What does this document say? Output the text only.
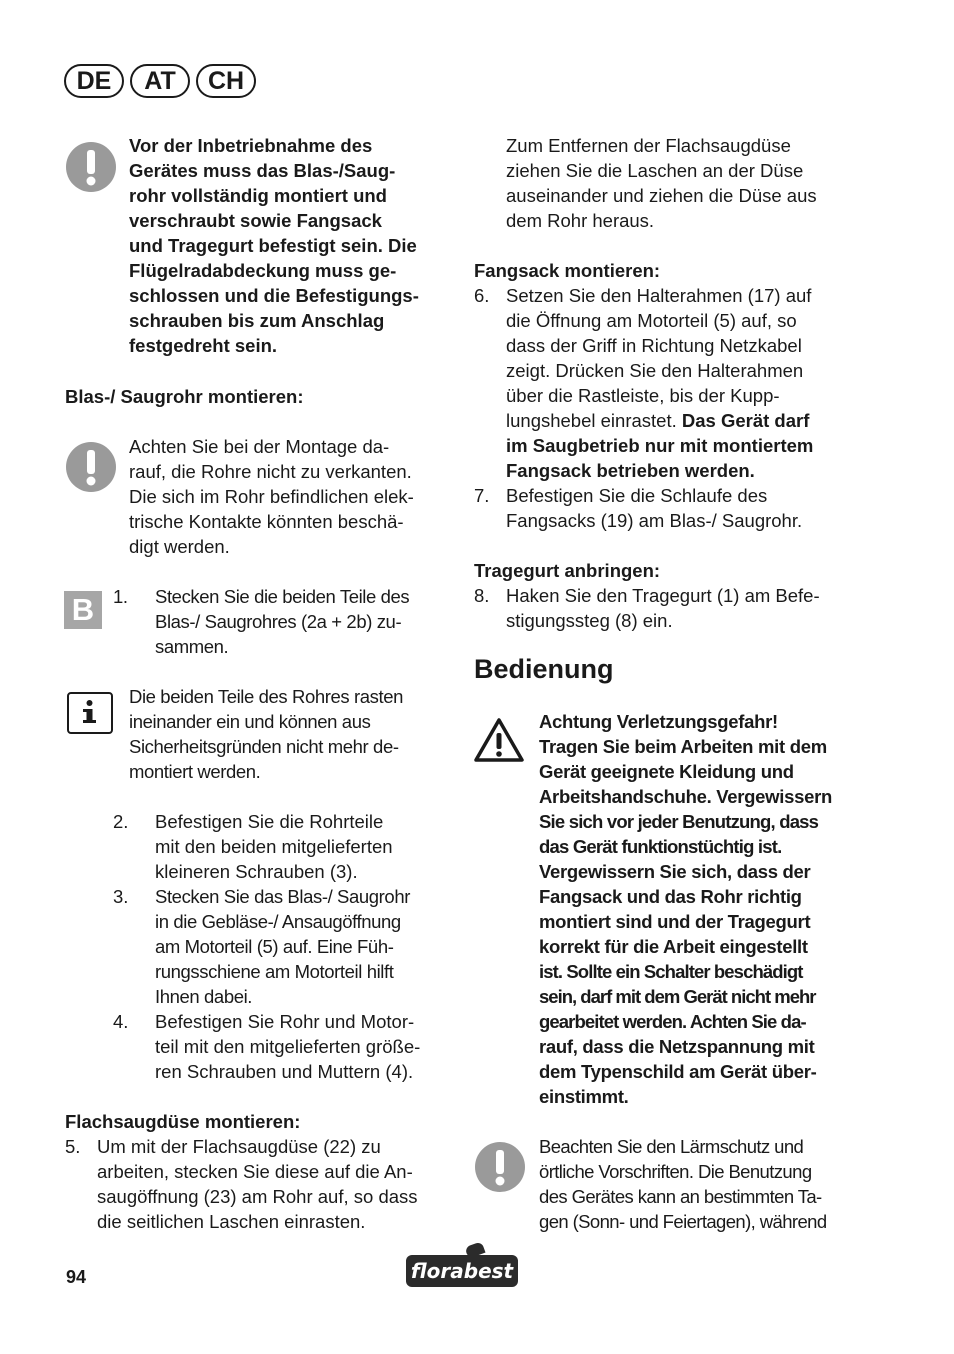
DE	AT	CH

Vor der Inbetriebnahme des

Gerätes muss das Blas-/Saug-

rohr vollständig montiert und

verschraubt sowie Fangsack

und Tragegurt befestigt sein. Die

Flügelradabdeckung muss ge-

schlossen und die Befestigungs-

schrauben bis zum Anschlag

festgedreht sein.

Blas-/ Saugrohr montieren:

Achten Sie bei der Montage da-

rauf, die Rohre nicht zu verkanten.

Die sich im Rohr befindlichen elek-

trische Kontakte könnten beschä-

digt werden.

B	1. Stecken Sie die beiden Teile des

Blas-/ Saugrohres (2a + 2b) zu-

sammen.

Die beiden Teile des Rohres rasten

ineinander ein und können aus

Sicherheitsgründen nicht mehr de-

montiert werden.

2. Befestigen Sie die Rohrteile

mit den beiden mitgelieferten

kleineren Schrauben (3).

3. Stecken Sie das Blas-/ Saugrohr

in die Gebläse-/ Ansaugöffnung

am Motorteil (5) auf. Eine Füh-

rungsschiene am Motorteil hilft

Ihnen dabei.

4. Befestigen Sie Rohr und Motor-

teil mit den mitgelieferten größe-

ren Schrauben und Muttern (4).

Flachsaugdüse montieren:
5. Um mit der Flachsaugdüse (22) zu

arbeiten, stecken Sie diese auf die An-

saugöffnung (23) am Rohr auf, so dass

die seitlichen Laschen einrasten.

Zum Entfernen der Flachsaugdüse

ziehen Sie die Laschen an der Düse

auseinander und ziehen die Düse aus

dem Rohr heraus.

Fangsack montieren:
6. Setzen Sie den Halterahmen (17) auf

die Öffnung am Motorteil (5) auf, so

dass der Griff in Richtung Netzkabel

zeigt. Drücken Sie den Halterahmen

über die Rastleiste, bis der Kupp-

lungshebel einrastet. Das Gerät darf

im Saugbetrieb nur mit montiertem

Fangsack betrieben werden.

7. Befestigen Sie die Schlaufe des

Fangsacks (19) am Blas-/ Saugrohr.

Tragegurt anbringen:
8. Haken Sie den Tragegurt (1) am Befe-

stigungssteg (8) ein.

Bedienung

Achtung Verletzungsgefahr!

Tragen Sie beim Arbeiten mit dem

Gerät geeignete Kleidung und

Arbeitshandschuhe. Vergewissern

Sie sich vor jeder Benutzung, dass

das Gerät funktionstüchtig ist.

Vergewissern Sie sich, dass der

Fangsack und das Rohr richtig

montiert sind und der Tragegurt

korrekt für die Arbeit eingestellt

ist. Sollte ein Schalter beschädigt

sein, darf mit dem Gerät nicht mehr

gearbeitet werden. Achten Sie da-

rauf, dass die Netzspannung mit

dem Typenschild am Gerät über-

einstimmt.

Beachten Sie den Lärmschutz und

örtliche Vorschriften. Die Benutzung

des Gerätes kann an bestimmten Ta-

gen (Sonn- und Feiertagen), während

94	florabest
